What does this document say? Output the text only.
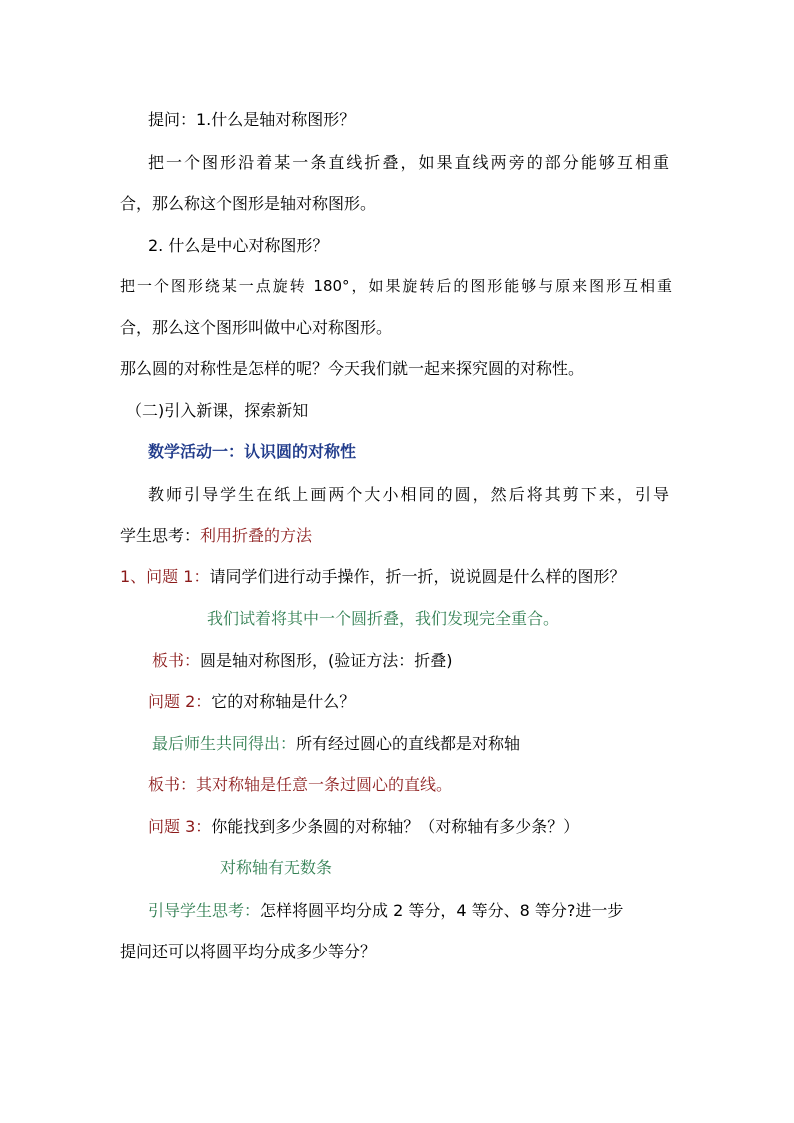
提问：1.什么是轴对称图形？
把一个图形沿着某一条直线折叠，如果直线两旁的部分能够互相重
合，那么称这个图形是轴对称图形。
2. 什么是中心对称图形？
把一个图形绕某一点旋转 180°，如果旋转后的图形能够与原来图形互相重
合，那么这个图形叫做中心对称图形。
那么圆的对称性是怎样的呢？今天我们就一起来探究圆的对称性。
（二)引入新课，探索新知
数学活动一：认识圆的对称性
教师引导学生在纸上画两个大小相同的圆，然后将其剪下来，引导
学生思考：利用折叠的方法
1、问题 1：请同学们进行动手操作，折一折，说说圆是什么样的图形？
我们试着将其中一个圆折叠，我们发现完全重合。
板书：圆是轴对称图形，(验证方法：折叠)
问题 2：它的对称轴是什么？
最后师生共同得出：所有经过圆心的直线都是对称轴
板书：其对称轴是任意一条过圆心的直线。
问题 3：你能找到多少条圆的对称轴？（对称轴有多少条？）
对称轴有无数条
引导学生思考：怎样将圆平均分成 2 等分，4 等分、8 等分?进一步
提问还可以将圆平均分成多少等分？
